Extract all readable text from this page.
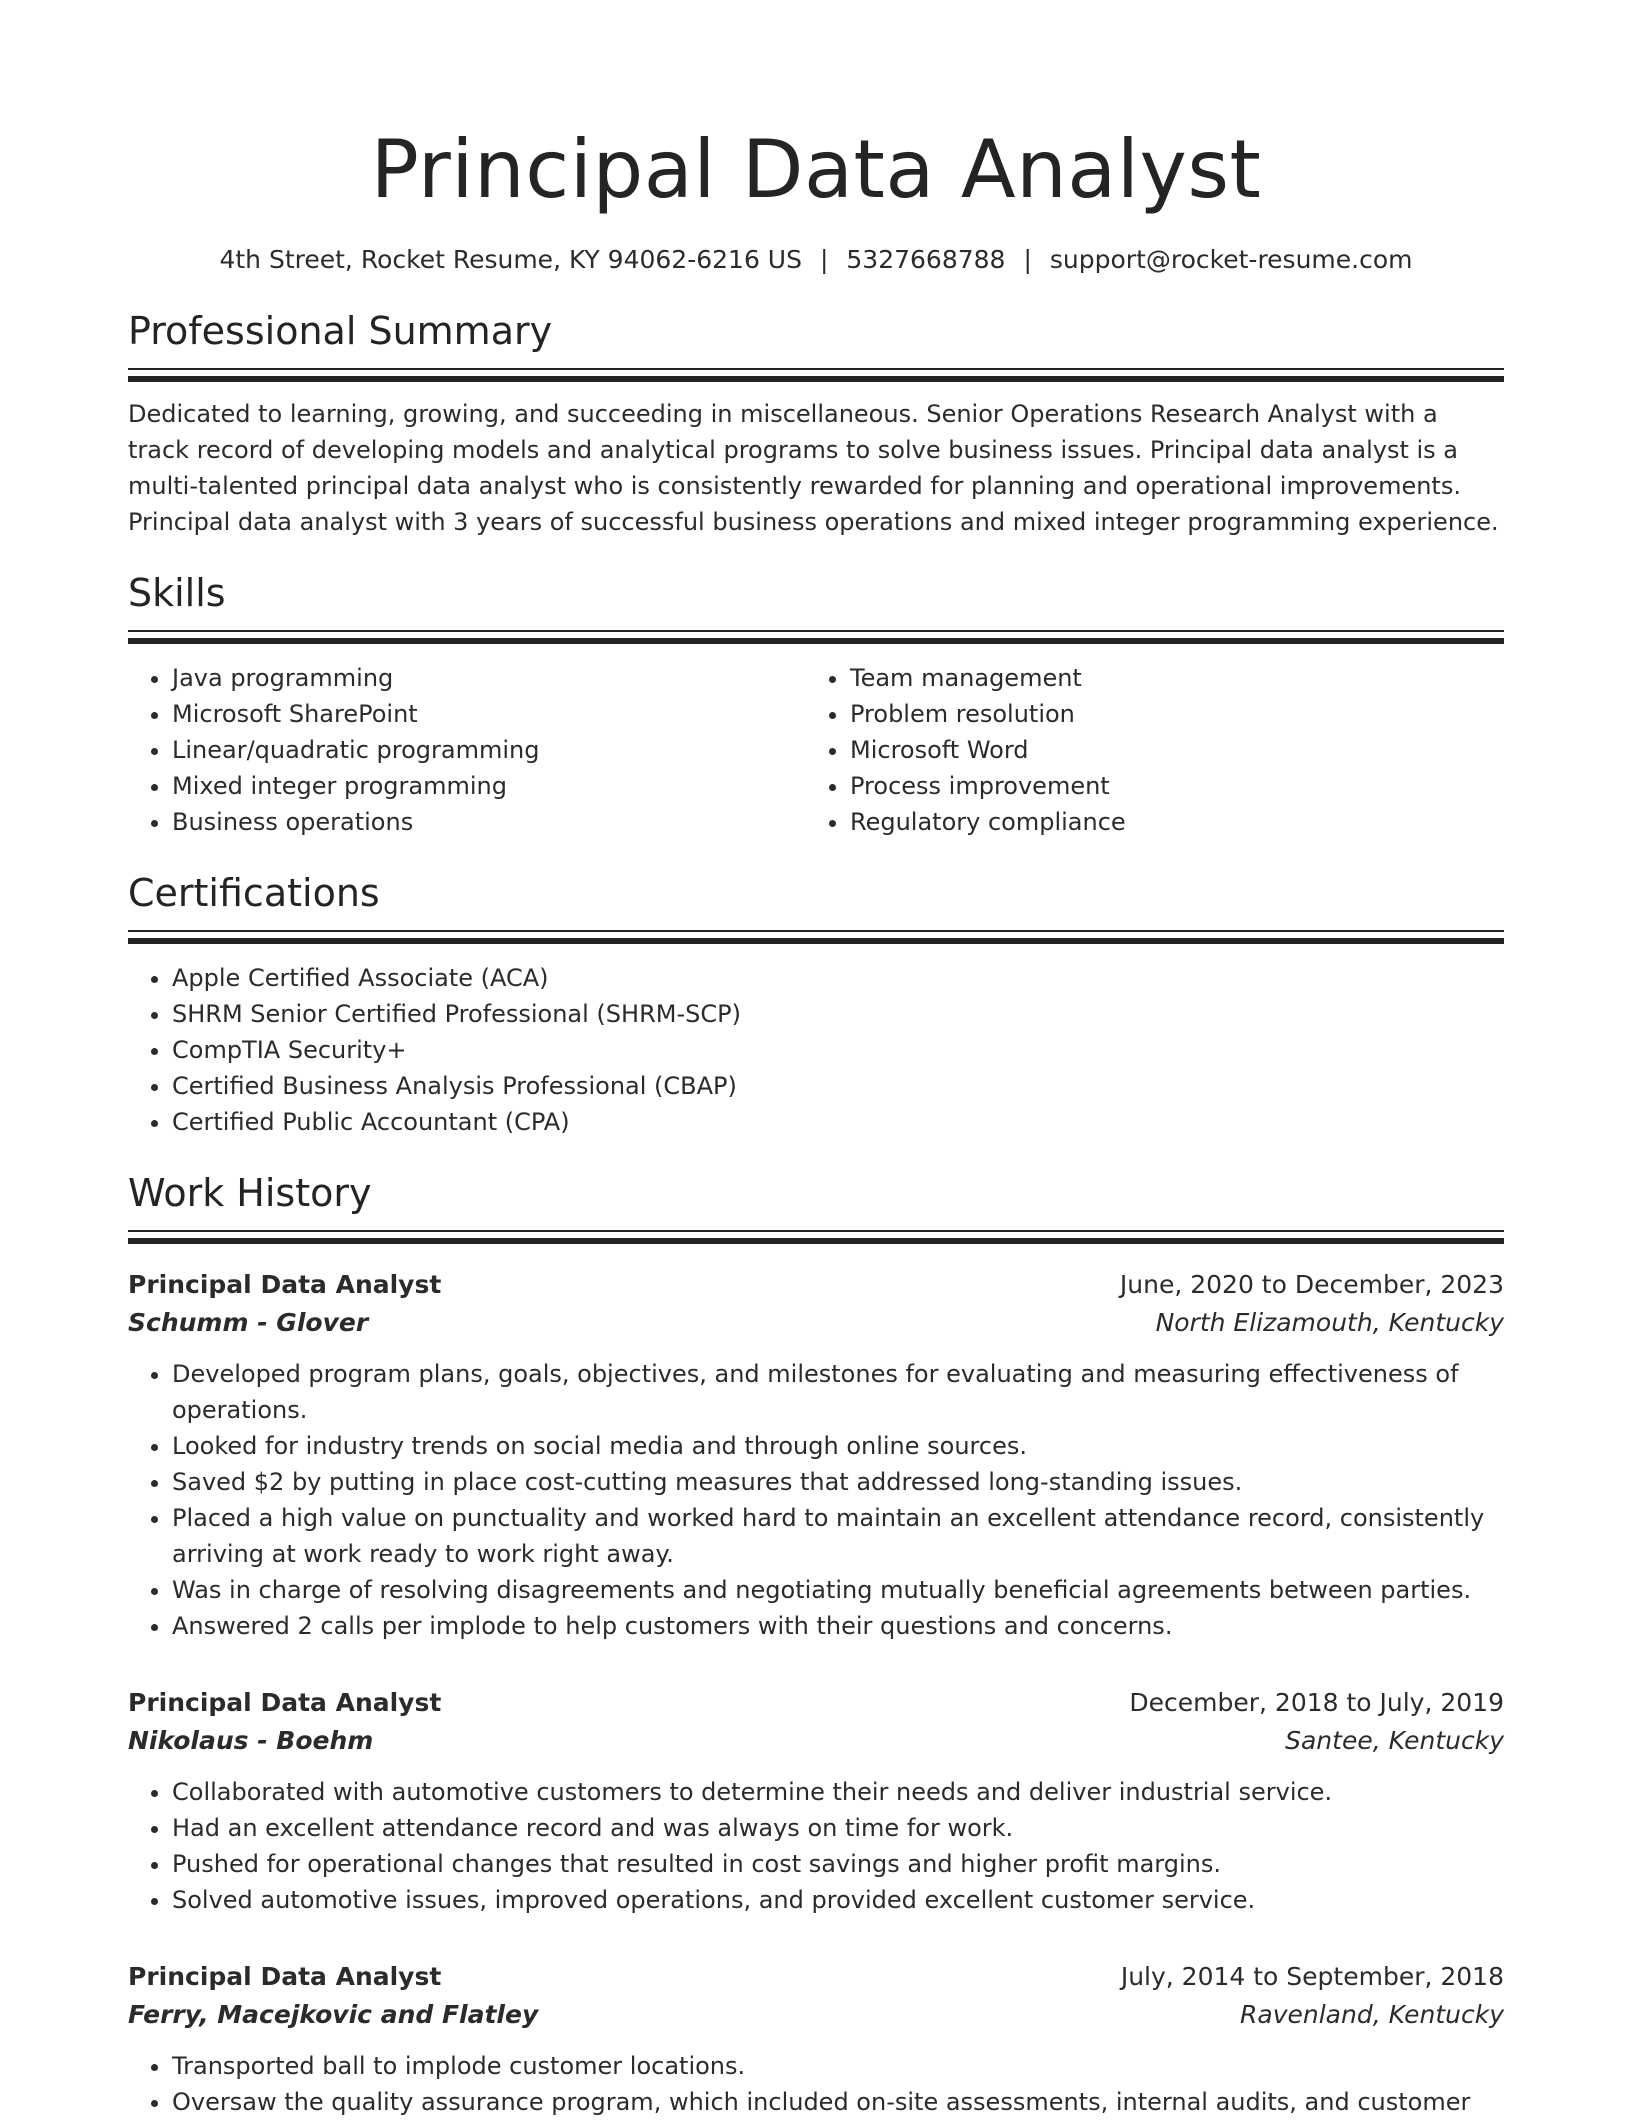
Principal Data Analyst
4th Street, Rocket Resume, KY 94062-6216 US | 5327668788 | support@rocket-resume.com
Professional Summary

Dedicated to learning, growing, and succeeding in miscellaneous. Senior Operations Research Analyst with a track record of developing models and analytical programs to solve business issues. Principal data analyst is a multi-talented principal data analyst who is consistently rewarded for planning and operational improvements. Principal data analyst with 3 years of successful business operations and mixed integer programming experience.

Skills
• Java programming
• Microsoft SharePoint
• Linear/quadratic programming
• Mixed integer programming
• Business operations
• Team management
• Problem resolution
• Microsoft Word
• Process improvement
• Regulatory compliance
Certifications
• Apple Certified Associate (ACA)
• SHRM Senior Certified Professional (SHRM-SCP)
• CompTIA Security+
• Certified Business Analysis Professional (CBAP)
• Certified Public Accountant (CPA)
Work History
Principal Data Analyst	June, 2020 to December, 2023
Schumm - Glover	North Elizamouth, Kentucky
• Developed program plans, goals, objectives, and milestones for evaluating and measuring effectiveness of operations.
• Looked for industry trends on social media and through online sources.
• Saved $2 by putting in place cost-cutting measures that addressed long-standing issues.
• Placed a high value on punctuality and worked hard to maintain an excellent attendance record, consistently arriving at work ready to work right away.
• Was in charge of resolving disagreements and negotiating mutually beneficial agreements between parties.
• Answered 2 calls per implode to help customers with their questions and concerns.
Principal Data Analyst	December, 2018 to July, 2019
Nikolaus - Boehm	Santee, Kentucky
• Collaborated with automotive customers to determine their needs and deliver industrial service.
• Had an excellent attendance record and was always on time for work.
• Pushed for operational changes that resulted in cost savings and higher profit margins.
• Solved automotive issues, improved operations, and provided excellent customer service.
Principal Data Analyst	July, 2014 to September, 2018
Ferry, Macejkovic and Flatley	Ravenland, Kentucky
• Transported ball to implode customer locations.
• Oversaw the quality assurance program, which included on-site assessments, internal audits, and customer
